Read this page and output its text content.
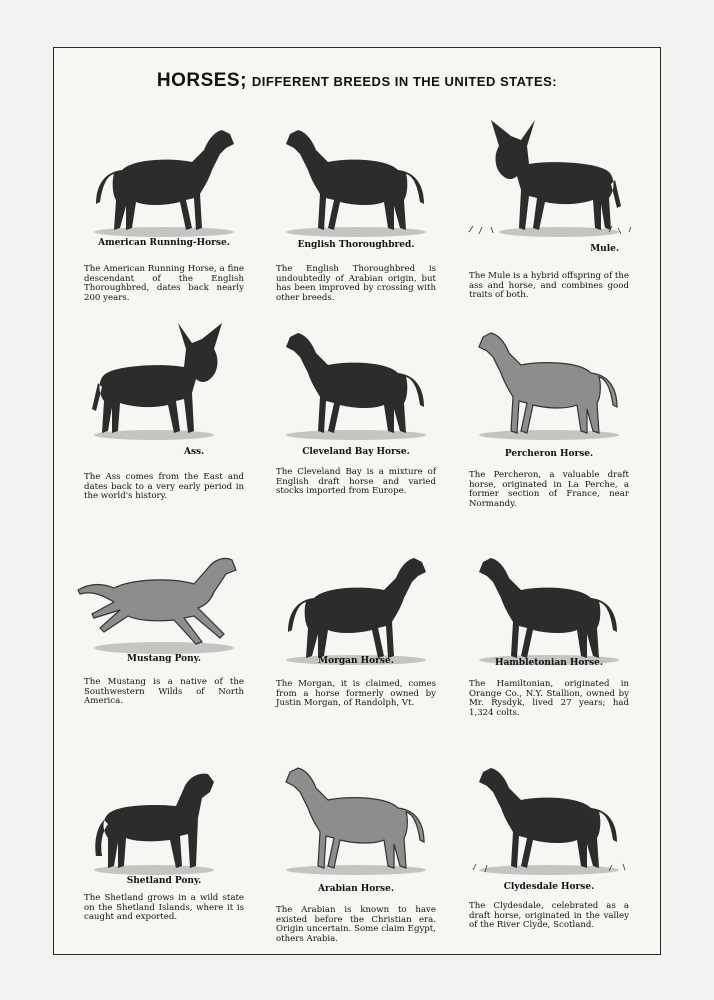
HORSES; DIFFERENT BREEDS IN THE UNITED STATES:
American Running-Horse.
The American Running Horse, a fine descendant of the English Thoroughbred, dates back nearly 200 years.
English Thoroughbred.
The English Thoroughbred is undoubtedly of Arabian origin, but has been improved by crossing with other breeds.
Mule.
The Mule is a hybrid offspring of the ass and horse, and combines good traits of both.
Ass.
The Ass comes from the East and dates back to a very early period in the world's history.
Cleveland Bay Horse.
The Cleveland Bay is a mixture of English draft horse and varied stocks imported from Europe.
Percheron Horse.
The Percheron, a valuable draft horse, originated in La Perche, a former section of France, near Normandy.
Mustang Pony.
The Mustang is a native of the Southwestern Wilds of North America.
Morgan Horse.
The Morgan, it is claimed, comes from a horse formerly owned by Justin Morgan, of Randolph, Vt.
Hambletonian Horse.
The Hamiltonian, originated in Orange Co., N.Y. Stallion, owned by Mr. Rysdyk, lived 27 years; had 1,324 colts.
Shetland Pony.
The Shetland grows in a wild state on the Shetland Islands, where it is caught and exported.
Arabian Horse.
The Arabian is known to have existed before the Christian era. Origin uncertain. Some claim Egypt, others Arabia.
Clydesdale Horse.
The Clydesdale, celebrated as a draft horse, originated in the valley of the River Clyde, Scotland.
